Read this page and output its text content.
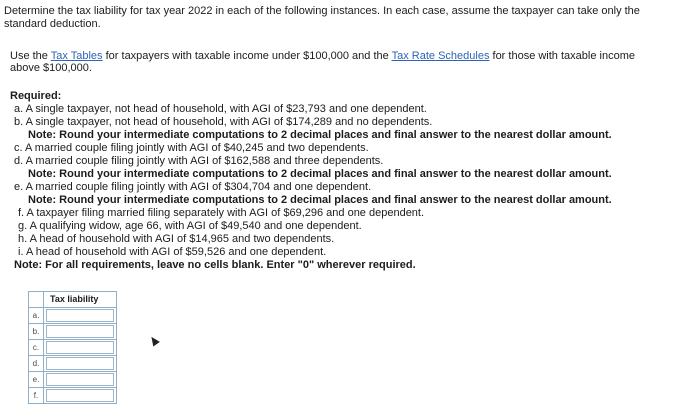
Determine the tax liability for tax year 2022 in each of the following instances. In each case, assume the taxpayer can take only the
standard deduction.
Use the Tax Tables for taxpayers with taxable income under $100,000 and the Tax Rate Schedules for those with taxable income
above $100,000.
Required:
a. A single taxpayer, not head of household, with AGI of $23,793 and one dependent.
b. A single taxpayer, not head of household, with AGI of $174,289 and no dependents.
Note: Round your intermediate computations to 2 decimal places and final answer to the nearest dollar amount.
c. A married couple filing jointly with AGI of $40,245 and two dependents.
d. A married couple filing jointly with AGI of $162,588 and three dependents.
Note: Round your intermediate computations to 2 decimal places and final answer to the nearest dollar amount.
e. A married couple filing jointly with AGI of $304,704 and one dependent.
Note: Round your intermediate computations to 2 decimal places and final answer to the nearest dollar amount.
f. A taxpayer filing married filing separately with AGI of $69,296 and one dependent.
g. A qualifying widow, age 66, with AGI of $49,540 and one dependent.
h. A head of household with AGI of $14,965 and two dependents.
i. A head of household with AGI of $59,526 and one dependent.
Note: For all requirements, leave no cells blank. Enter "0" wherever required.
	Tax liability
a.	
b.	
c.	
d.	
e.	
f.	
